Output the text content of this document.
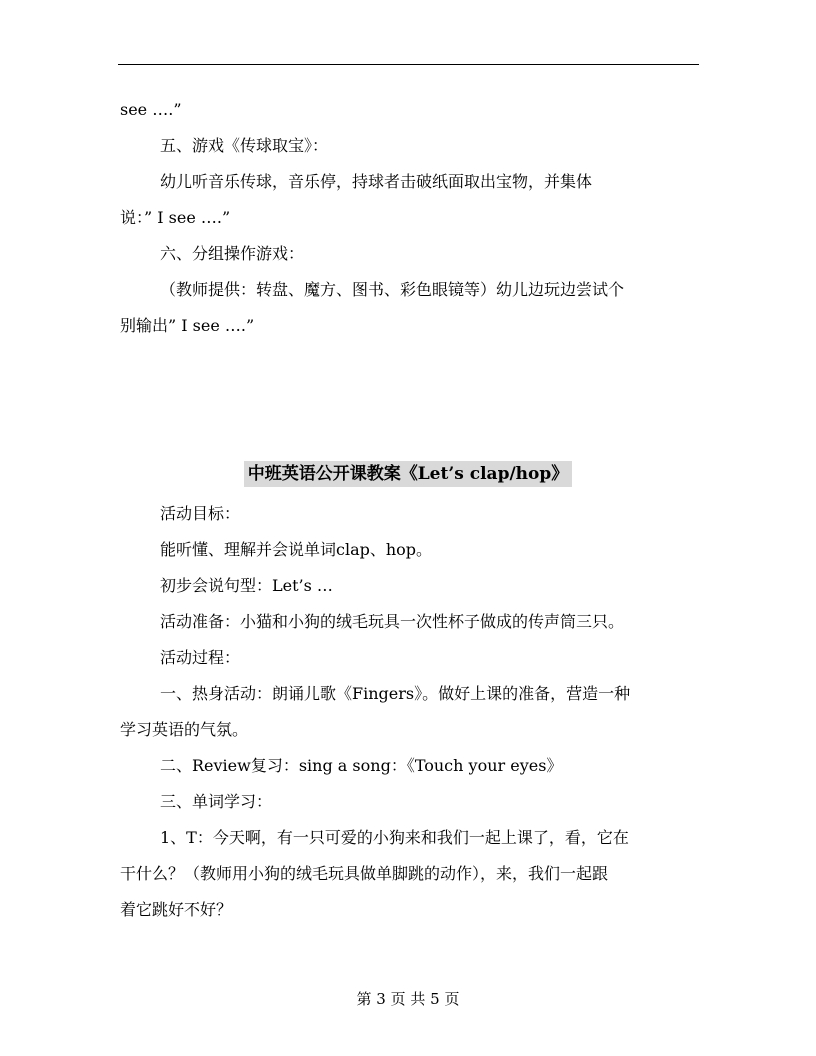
see ….”
五、游戏《传球取宝》：
幼儿听音乐传球，音乐停，持球者击破纸面取出宝物，并集体
说：” I see ….”
六、分组操作游戏：
（教师提供：转盘、魔方、图书、彩色眼镜等）幼儿边玩边尝试个
别输出” I see ….”
中班英语公开课教案《Let’s clap/hop》
活动目标：
能听懂、理解并会说单词clap、hop。
初步会说句型：Let’s …
活动准备：小猫和小狗的绒毛玩具一次性杯子做成的传声筒三只。
活动过程：
一、热身活动：朗诵儿歌《Fingers》。做好上课的准备，营造一种
学习英语的气氛。
二、Review复习：sing a song：《Touch your eyes》
三、单词学习：
1、T：今天啊，有一只可爱的小狗来和我们一起上课了，看，它在
干什么？（教师用小狗的绒毛玩具做单脚跳的动作），来，我们一起跟
着它跳好不好？
第 3 页 共 5 页
